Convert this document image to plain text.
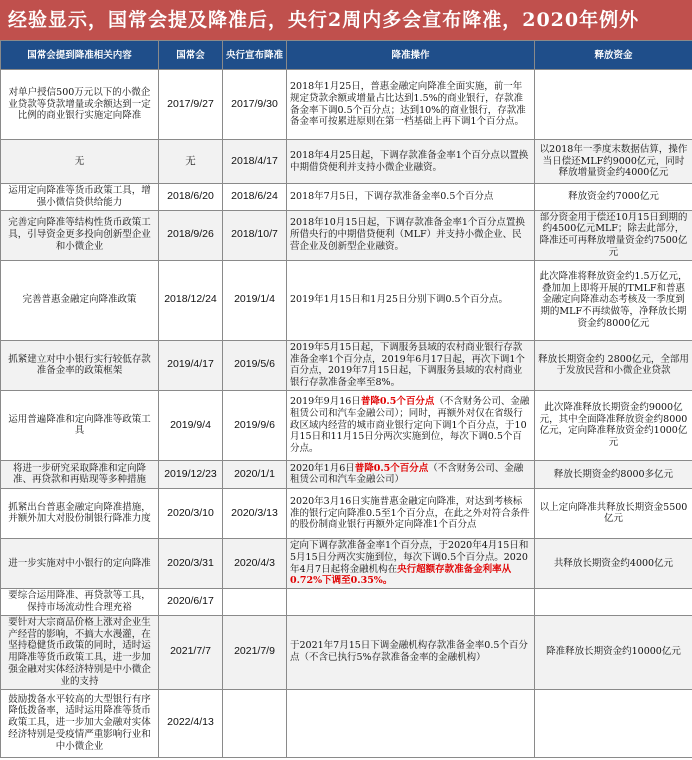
经验显示，国常会提及降准后，央行2周内多会宣布降准，2020年例外
国常会提到降准相关内容	国常会	央行宣布降准	降准操作	释放资金
对单户授信500万元以下的小微企业贷款等贷款增量或余额达到一定比例的商业银行实施定向降准	2017/9/27	2017/9/30	2018年1月25日，普惠金融定向降准全面实施，前一年规定贷款余额或增量占比达到1.5%的商业银行，存款准备金率下调0.5个百分点；达到10%的商业银行，存款准备金率可按累进原则在第一档基础上再下调1个百分点。	
无	无	2018/4/17	2018年4月25日起，下调存款准备金率1个百分点以置换中期借贷便利并支持小微企业融资。	以2018年一季度末数据估算，操作当日偿还MLF约9000亿元，同时释放增量资金约4000亿元
运用定向降准等货币政策工具，增强小微信贷供给能力	2018/6/20	2018/6/24	2018年7月5日，下调存款准备金率0.5个百分点	释放资金约7000亿元
完善定向降准等结构性货币政策工具，引导资金更多投向创新型企业和小微企业	2018/9/26	2018/10/7	2018年10月15日起，下调存款准备金率1个百分点置换所借央行的中期借贷便利（MLF）并支持小微企业、民营企业及创新型企业融资。	部分资金用于偿还10月15日到期的约4500亿元MLF；除去此部分，降准还可再释放增量资金约7500亿元
完善普惠金融定向降准政策	2018/12/24	2019/1/4	2019年1月15日和1月25日分别下调0.5个百分点。	此次降准将释放资金约1.5万亿元，叠加加上即将开展的TMLF和普惠金融定向降准动态考核及一季度到期的MLF不再续做等，净释放长期资金约8000亿元
抓紧建立对中小银行实行较低存款准备金率的政策框架	2019/4/17	2019/5/6	2019年5月15日起，下调服务县域的农村商业银行存款准备金率1个百分点，2019年6月17日起，再次下调1个百分点，2019年7月15日起，下调服务县域的农村商业银行存款准备金率至8%。	释放长期资金约 2800亿元，全部用于发放民营和小微企业贷款
运用普遍降准和定向降准等政策工具	2019/9/4	2019/9/6	2019年9月16日普降0.5个百分点（不含财务公司、金融租赁公司和汽车金融公司）；同时，再额外对仅在省级行政区域内经营的城市商业银行定向下调1个百分点，于10月15日和11月15日分两次实施到位，每次下调0.5个百分点。	此次降准释放长期资金约9000亿元，其中全面降准释放资金约8000亿元，定向降准释放资金约1000亿元
将进一步研究采取降准和定向降准、再贷款和再贴现等多种措施	2019/12/23	2020/1/1	2020年1月6日普降0.5个百分点（不含财务公司、金融租赁公司和汽车金融公司）	释放长期资金约8000多亿元
抓紧出台普惠金融定向降准措施，并额外加大对股份制银行降准力度	2020/3/10	2020/3/13	2020年3月16日实施普惠金融定向降准，对达到考核标准的银行定向降准0.5至1个百分点，在此之外对符合条件的股份制商业银行再额外定向降准1个百分点	以上定向降准共释放长期资金5500亿元
进一步实施对中小银行的定向降准	2020/3/31	2020/4/3	定向下调存款准备金率1个百分点，于2020年4月15日和5月15日分两次实施到位，每次下调0.5个百分点。2020年4月7日起将金融机构在央行超额存款准备金利率从0.72%下调至0.35%。	共释放长期资金约4000亿元
要综合运用降准、再贷款等工具，保持市场流动性合理充裕	2020/6/17			
要针对大宗商品价格上涨对企业生产经营的影响，不搞大水漫灌，在坚持稳健货币政策的同时，适时运用降准等货币政策工具，进一步加强金融对实体经济特别是中小微企业的支持	2021/7/7	2021/7/9	于2021年7月15日下调金融机构存款准备金率0.5个百分点（不含已执行5%存款准备金率的金融机构）	降准释放长期资金约10000亿元
鼓励拨备水平较高的大型银行有序降低拨备率，适时运用降准等货币政策工具，进一步加大金融对实体经济特别是受疫情严重影响行业和中小微企业	2022/4/13			
